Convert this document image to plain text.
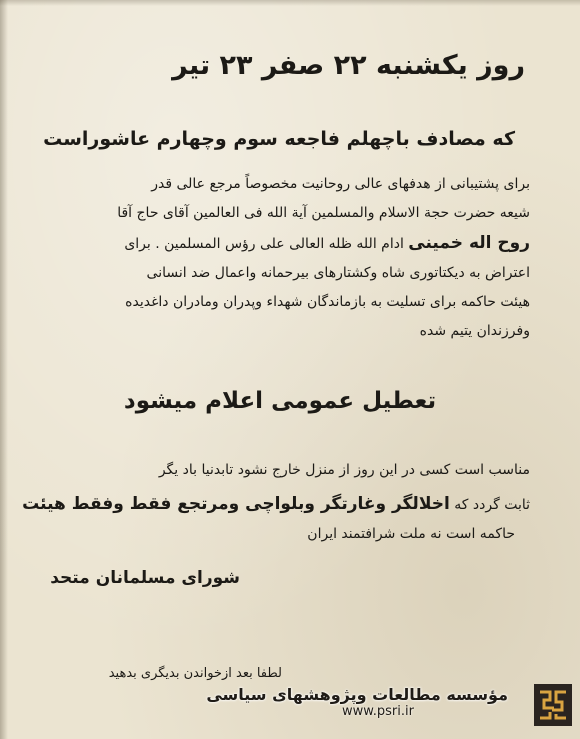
روز یکشنبه ۲۲ صفر ۲۳ تیر

که مصادف باچهلم فاجعه سوم وچهارم عاشوراست

برای پشتیبانی از هدفهای عالی روحانیت مخصوصاً مرجع عالی قدر

شیعه حضرت حجة الاسلام والمسلمین آیة الله فی العالمین آقای حاج آقا

روح اله خمینی ادام الله ظله العالی علی رؤس المسلمین . برای

اعتراض به دیکتاتوری شاه وکشتارهای بیرحمانه واعمال ضد انسانی

هیئت حاکمه برای تسلیت به بازماندگان شهداء وپدران ومادران داغدیده

وفرزندان یتیم شده

تعطیل عمومی اعلام میشود

مناسب است کسی در این روز از منزل خارج نشود تابدنیا باد یگر

ثابت گردد که اخلالگر وغارتگر وبلواچی ومرتجع فقط وفقط هیئت

حاکمه است نه ملت شرافتمند ایران

شورای مسلمانان متحد

لطفا بعد ازخواندن بدیگری بدهید

مؤسسه مطالعات وپژوهشهای سیاسی
www.psri.ir
